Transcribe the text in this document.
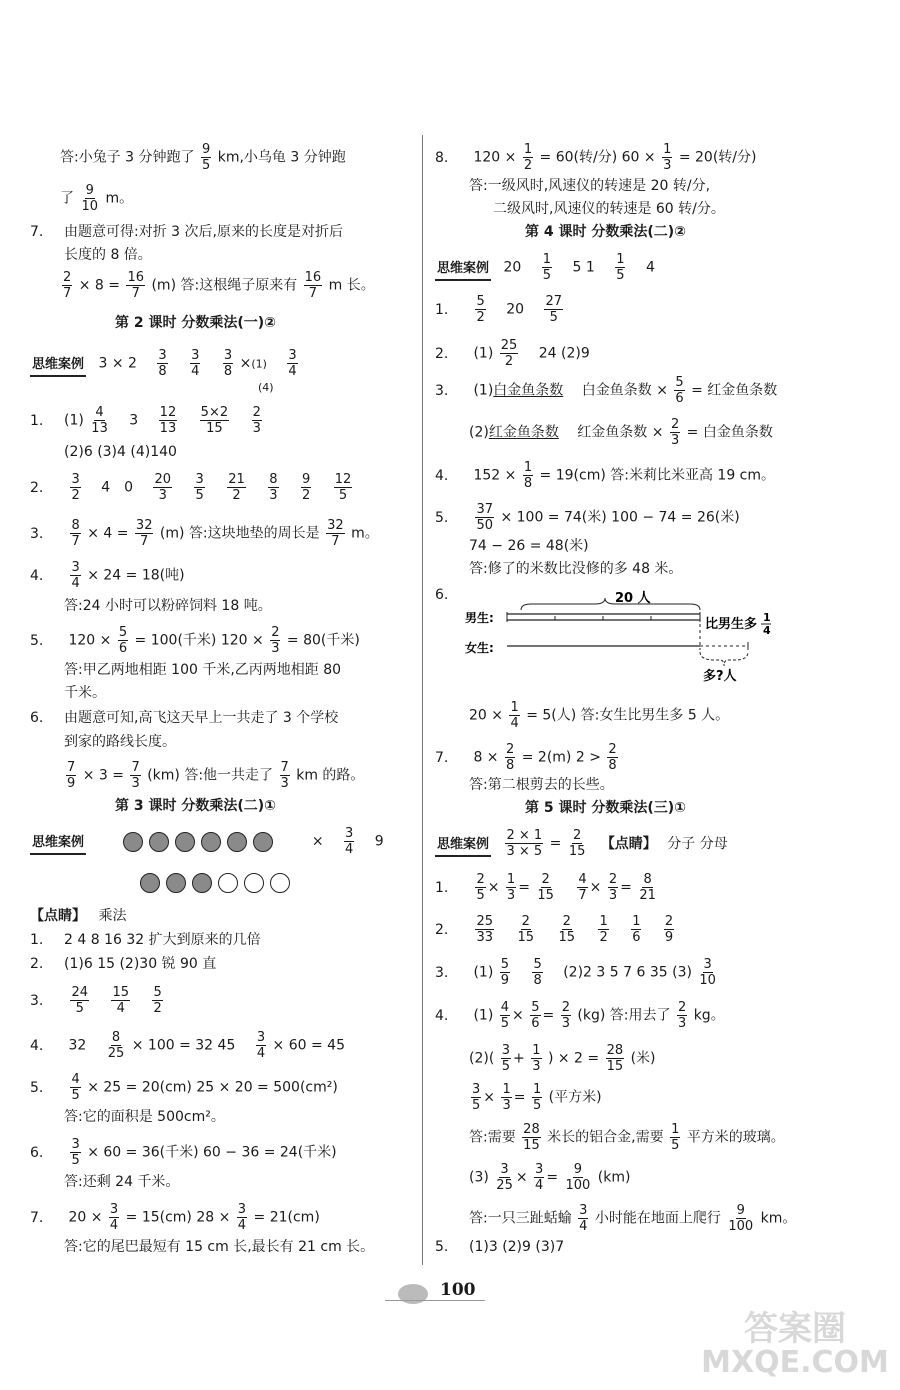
答:小兔子 3 分钟跑了 $\frac{9}{5}$ km,小乌龟 3 分钟跑
了 $\frac{9}{10}$ m。
7. 由题意可得:对折 3 次后,原来的长度是对折后
长度的 8 倍。
$\frac{2}{7} \times 8 = \frac{16}{7} (m)$ 答:这根绳子原来有 $\frac{16}{7}$ m 长。
第 2 课时 分数乘法(一)②
思维案例 $3 \times 2 \frac{3}{8}$
$\frac{3}{4}$
$\frac{3}{8} \times(1) \frac{3}{4}$
(4)
1. $(1) \frac{4}{13} 3 \frac{12}{13}$
$\frac{5\times 2}{15}$
$\frac{2}{3}$
(2)6 (3)4 (4)140
2. $\frac{3}{2} 4$ $0 \frac{20}{3}$
$\frac{3}{5}$
$\frac{21}{2}$
$\frac{8}{3}$
$\frac{9}{2}$
$\frac{12}{5}$
3. $\frac{8}{7} \times 4 = \frac{32}{7} (m)$ 答:这块地垫的周长是 $\frac{32}{7}$ m。
4. $\frac{3}{4} \times 24 = 18$(吨)
答:24 小时可以粉碎饲料 18 吨。
5. $120 \times \frac{5}{6} = 100$(千米) $120 \times \frac{2}{3} = 80$(千米)
答:甲乙两地相距 100 千米,乙丙两地相距 80
千米。
6. 由题意可知,高飞这天早上一共走了 3 个学校
到家的路线长度。
$\frac{7}{9} \times 3 = \frac{7}{3} (km)$ 答:他一共走了 $\frac{7}{3}$ km 的路。
第 3 课时 分数乘法(二)①
思维案例	× $\frac{3}{4} 9$
【点睛】 乘法
1. 2 4 8 16 32 扩大到原来的几倍
2. (1)6 15 (2)30 锐 90 直
3. $\frac{24}{5}$
$\frac{15}{4}$
$\frac{5}{2}$
4. $32 \frac{8}{25} \times 100 = 32$ $45 \frac{3}{4} \times 60 = 45$
5. $\frac{4}{5} \times 25 = 20(cm) 25 \times 20 = 500(cm^2)$
答:它的面积是 500cm²。
6. $\frac{3}{5} \times 60 = 36$(千米) 60 − 36 = 24(千米)
答:还剩 24 千米。
7. $20 \times \frac{3}{4} = 15(cm) 28 \times \frac{3}{4} = 21(cm)$
答:它的尾巴最短有 15 cm 长,最长有 21 cm 长。
8. $120 \times \frac{1}{2} = 60$(转/分) $60 \times \frac{1}{3} = 20$(转/分)
答:一级风时,风速仪的转速是 20 转/分,
二级风时,风速仪的转速是 60 转/分。
第 4 课时 分数乘法(二)②
思维案例 $20 \frac{1}{5} 5$ $1 \frac{1}{5} 4$
1. $\frac{5}{2} 20 \frac{27}{5}$
2. $(1) \frac{25}{2} 24$ (2)9
3. (1)白金鱼条数 白金鱼条数 × $\frac{5}{6}$ = 红金鱼条数
(2)红金鱼条数 红金鱼条数 × $\frac{2}{3}$ = 白金鱼条数
4. $152 \times \frac{1}{8} = 19(cm)$ 答:米莉比米亚高 19 cm。
5. $\frac{37}{50} \times 100 = 74$(米) 100 − 74 = 26(米)
74 − 26 = 48(米)
答:修了的米数比没修的多 48 米。
6.	20 人
男生:
女生:
比男生多 1
4
多?人
$20 \times \frac{1}{4} = 5$(人) 答:女生比男生多 5 人。
7. $8 \times \frac{2}{8} = 2(m) 2 > \frac{2}{8}$
答:第二根剪去的长些。
第 5 课时 分数乘法(三)①
思维案例 $\frac{2 \times 1}{3 \times 5} = \frac{2}{15}$ 【点睛】 分子 分母
1. $\frac{2}{5} \times \frac{1}{3} = \frac{2}{15}$
$\frac{4}{7} \times \frac{2}{3} = \frac{8}{21}$
2. $\frac{25}{33}$
$\frac{2}{15}$
$\frac{2}{15}$
$\frac{1}{2}$
$\frac{1}{6}$
$\frac{2}{9}$
3. $(1) \frac{5}{9}$
$\frac{5}{8} (2)2$ 3 5 7 6 35 $(3) \frac{3}{10}$
4. $(1) \frac{4}{5} \times \frac{5}{6} = \frac{2}{3} (kg)$ 答:用去了 $\frac{2}{3}$ kg。
$(2)( \frac{3}{5} + \frac{1}{3}$ ) × $2 = \frac{28}{15}$ (米)
$\frac{3}{5} \times \frac{1}{3} = \frac{1}{5}$ (平方米)
答:需要 $\frac{28}{15}$ 米长的铝合金,需要 $\frac{1}{5}$ 平方米的玻璃。
$(3) \frac{3}{25} \times \frac{3}{4} = \frac{9}{100} (km)$
答:一只三趾蛞蝓 $\frac{3}{4}$ 小时能在地面上爬行 $\frac{9}{100}$ km。
5. (1)3 (2)9 (3)7
100
答案圈
MXQE.COM
